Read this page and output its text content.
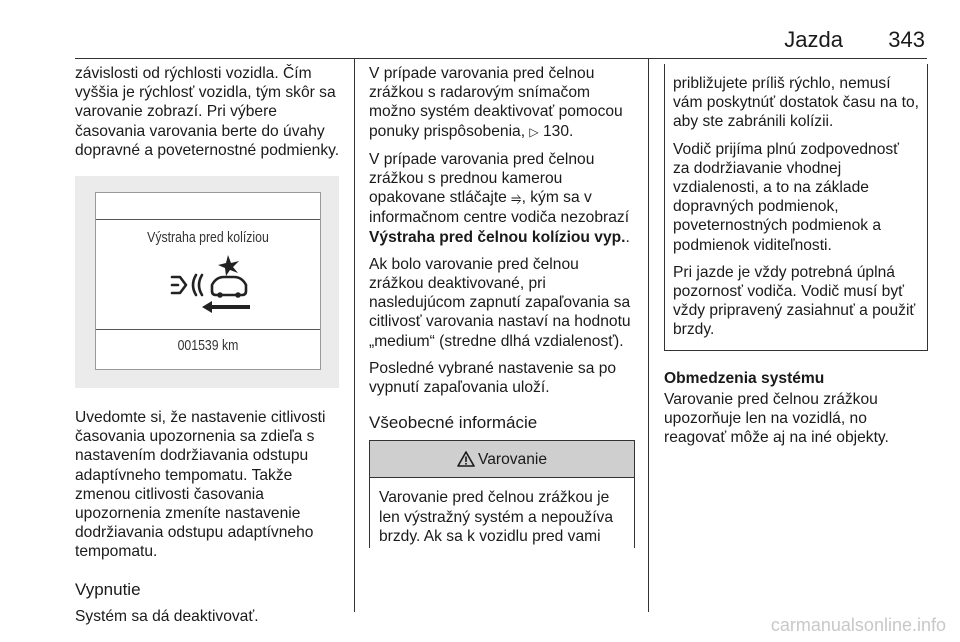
Jazda 343

závislosti od rýchlosti vozidla. Čím vyššia je rýchlosť vozidla, tým skôr sa varovanie zobrazí. Pri výbere časovania varovania berte do úvahy dopravné a poveternostné podmienky.

Výstraha pred kolíziou
001539 km

Uvedomte si, že nastavenie citlivosti časovania upozornenia sa zdieľa s nastavením dodržiavania odstupu adaptívneho tempomatu. Takže zmenou citlivosti časovania upozornenia zmeníte nastavenie dodržiavania odstupu adaptívneho tempomatu.

Vypnutie

Systém sa dá deaktivovať.

V prípade varovania pred čelnou zrážkou s radarovým snímačom možno systém deaktivovať pomocou ponuky prispôsobenia, ▷ 130.

V prípade varovania pred čelnou zrážkou s prednou kamerou opakovane stláčajte ⥤, kým sa v informačnom centre vodiča nezobrazí Výstraha pred čelnou kolíziou vyp..

Ak bolo varovanie pred čelnou zrážkou deaktivované, pri nasledujúcom zapnutí zapaľovania sa citlivosť varovania nastaví na hodnotu „medium“ (stredne dlhá vzdialenosť).

Posledné vybrané nastavenie sa po vypnutí zapaľovania uloží.

Všeobecné informácie
Varovanie
Varovanie pred čelnou zrážkou je len výstražný systém a nepoužíva brzdy. Ak sa k vozidlu pred vami

približujete príliš rýchlo, nemusí vám poskytnúť dostatok času na to, aby ste zabránili kolízii.

Vodič prijíma plnú zodpovednosť za dodržiavanie vhodnej vzdialenosti, a to na základe dopravných podmienok, poveternostných podmienok a podmienok viditeľnosti.

Pri jazde je vždy potrebná úplná pozornosť vodiča. Vodič musí byť vždy pripravený zasiahnuť a použiť brzdy.

Obmedzenia systému

Varovanie pred čelnou zrážkou upozorňuje len na vozidlá, no reagovať môže aj na iné objekty.

carmanualsonline.info
